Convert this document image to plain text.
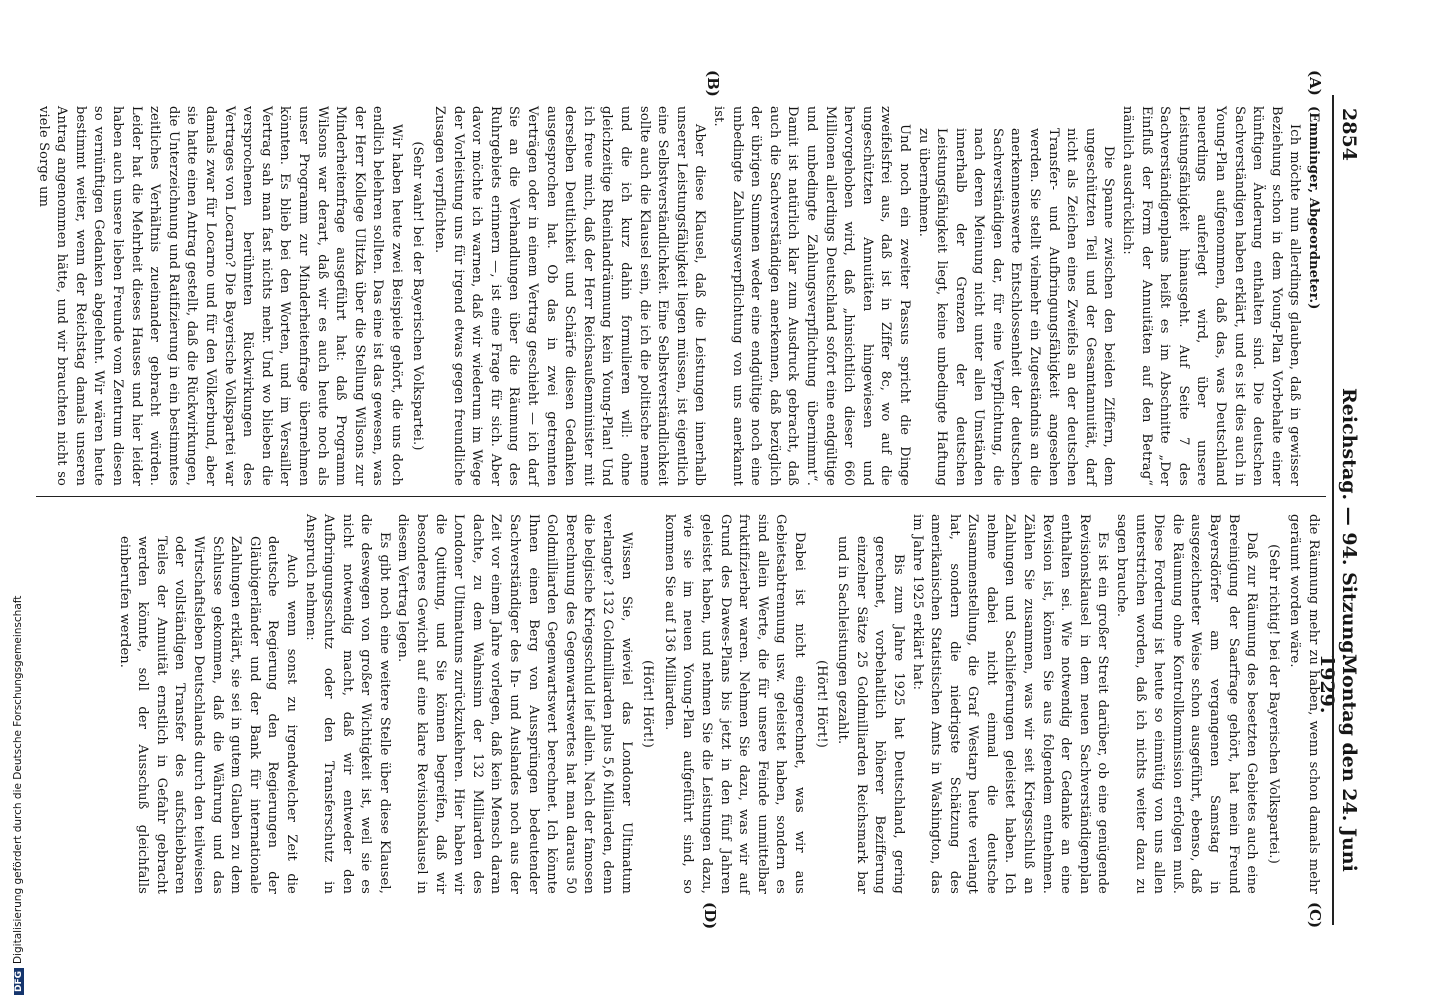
2854
Reichstag. — 94. Sitzung.
Montag den 24. Juni 1929.
(A)
(B)
(C)
(D)

(Emminger, Abgeordneter.)

Ich möchte nun allerdings glauben, daß in gewisser Beziehung schon in dem Young-Plan Vorbehalte einer künftigen Änderung enthalten sind. Die deutschen Sachverständigen haben erklärt, und es ist dies auch in Young-Plan aufgenommen, daß das, was Deutschland neuerdings auferlegt wird, über unsere Leistungsfähigkeit hinausgeht. Auf Seite 7 des Sachverständigenplans heißt es im Abschnitte „Der Einfluß der Form der Annuitäten auf den Betrag“ nämlich ausdrücklich:

Die Spanne zwischen den beiden Ziffern, dem ungeschützten Teil und der Gesamtannuität, darf nicht als Zeichen eines Zweifels an der deutschen Transfer- und Aufbringungsfähigkeit angesehen werden. Sie stellt vielmehr ein Zugeständnis an die anerkennenswerte Entschlossenheit der deutschen Sachverständigen dar, für eine Verpflichtung, die nach deren Meinung nicht unter allen Umständen innerhalb der Grenzen der deutschen Leistungsfähigkeit liegt, keine unbedingte Haftung zu übernehmen.

Und noch ein zweiter Passus spricht die Dinge zweifelsfrei aus, daß ist in Ziffer 8c, wo auf die ungeschützten Annuitäten hingewiesen und hervorgehoben wird, daß „hinsichtlich dieser 660 Millionen allerdings Deutschland sofort eine endgültige und unbedingte Zahlungsverpflichtung übernimmt“. Damit ist natürlich klar zum Ausdruck gebracht, daß auch die Sachverständigen anerkennen, daß bezüglich der übrigen Summen weder eine endgültige noch eine unbedingte Zahlungsverpflichtung von uns anerkannt ist.

Aber diese Klausel, daß die Leistungen innerhalb unserer Leistungsfähigkeit liegen müssen, ist eigentlich eine Selbstverständlichkeit. Eine Selbstverständlichkeit sollte auch die Klausel sein, die ich die politische nenne und die ich kurz dahin formulieren will: ohne gleichzeitige Rheinlandräumung kein Young-Plan! Und ich freue mich, daß der Herr Reichsaußenminister mit derselben Deutlichkeit und Schärfe diesen Gedanken ausgesprochen hat. Ob das in zwei getrennten Verträgen oder in einem Vertrag geschieht — ich darf Sie an die Verhandlungen über die Räumung des Ruhrgebiets erinnern —, ist eine Frage für sich. Aber davor möchte ich warnen, daß wir wiederum im Wege der Vorleistung uns für irgend etwas gegen freundliche Zusagen verpflichten.

(Sehr wahr! bei der Bayerischen Volkspartei.)

Wir haben heute zwei Beispiele gehört, die uns doch endlich belehren sollten. Das eine ist das gewesen, was der Herr Kollege Ulitzka über die Stellung Wilsons zur Minderheitenfrage ausgeführt hat: daß Programm Wilsons war derart, daß wir es auch heute noch als unser Programm zur Minderheitenfrage übernehmen könnten. Es blieb bei den Worten, und im Versailler Vertrag sah man fast nichts mehr. Und wo blieben die versprochenen berühmten Rückwirkungen des Vertrages von Locarno? Die Bayerische Volkspartei war damals zwar für Locarno und für den Völkerbund, aber sie hatte einen Antrag gestellt, daß die Rückwirkungen, die Unterzeichnung und Ratifizierung in ein bestimmtes zeitliches Verhältnis zueinander gebracht würden. Leider hat die Mehrheit dieses Hauses und hier leider haben auch unsere lieben Freunde vom Zentrum diesen so vernünftigen Gedanken abgelehnt. Wir wären heute bestimmt weiter, wenn der Reichstag damals unseren Antrag angenommen hätte, und wir brauchten nicht so viele Sorge um

die Räumung mehr zu haben, wenn schon damals mehr geräumt worden wäre.

(Sehr richtig! bei der Bayerischen Volkspartei.)

Daß zur Räumung des besetzten Gebietes auch eine Bereinigung der Saarfrage gehört, hat mein Freund Bayersdörfer am vergangenen Samstag in ausgezeichneter Weise schon ausgeführt, ebenso, daß die Räumung ohne Kontrollkommission erfolgen muß. Diese Forderung ist heute so einmütig von uns allen unterstrichen worden, daß ich nichts weiter dazu zu sagen brauche.

Es ist ein großer Streit darüber, ob eine genügende Revisionsklausel in dem neuen Sachverständigenplan enthalten sei. Wie notwendig der Gedanke an eine Revision ist, können Sie aus folgendem entnehmen. Zählen Sie zusammen, was wir seit Kriegsschluß an Zahlungen und Sachlieferungen geleistet haben. Ich nehme dabei nicht einmal die deutsche Zusammenstellung, die Graf Westarp heute verlangt hat, sondern die niedrigste Schätzung des amerikanischen Statistischen Amts in Washington, das im Jahre 1925 erklärt hat:

Bis zum Jahre 1925 hat Deutschland, gering gerechnet, vorbehaltlich höherer Bezifferung einzelner Sätze 25 Goldmilliarden Reichsmark bar und in Sachleistungen gezahlt.

(Hört! Hört!)

Dabei ist nicht eingerechnet, was wir aus Gebietsabtrennung usw. geleistet haben, sondern es sind allein Werte, die für unsere Feinde unmittelbar fruktifizierbar waren. Nehmen Sie dazu, was wir auf Grund des Dawes-Plans bis jetzt in den fünf Jahren geleistet haben, und nehmen Sie die Leistungen dazu, wie sie im neuen Young-Plan aufgeführt sind, so kommen Sie auf 136 Milliarden.

(Hört! Hört!)

Wissen Sie, wieviel das Londoner Ultimatum verlangte? 132 Goldmilliarden plus 5,6 Milliarden, denn die belgische Kriegsschuld lief allein. Nach der famosen Berechnung des Gegenwartswertes hat man daraus 50 Goldmilliarden Gegenwartswert berechnet. Ich könnte Ihnen einen Berg von Aussprüngen bedeutender Sachverständiger des In- und Auslandes noch aus der Zeit vor einem Jahre vorlegen, daß kein Mensch daran dachte, zu dem Wahnsinn der 132 Milliarden des Londoner Ultimatums zurückzukehren. Hier haben wir die Quittung, und Sie können begreifen, daß wir besonderes Gewicht auf eine klare Revisionsklausel in diesem Vertrag legen.

Es gibt noch eine weitere Stelle über diese Klausel, die deswegen von großer Wichtigkeit ist, weil sie es nicht notwendig macht, daß wir entweder den Aufbringungsschutz oder den Transferschutz in Anspruch nehmen:

Auch wenn sonst zu irgendwelcher Zeit die deutsche Regierung den Regierungen der Gläubigerländer und der Bank für internationale Zahlungen erklärt, sie sei in gutem Glauben zu dem Schlusse gekommen, daß die Währung und das Wirtschaftsleben Deutschlands durch den teilweisen oder vollständigen Transfer des aufschiebbaren Teiles der Annuität ernstlich in Gefahr gebracht werden könnte, soll der Ausschuß gleichfalls einberufen werden.

DFGDigitalisierung gefördert durch die Deutsche Forschungsgemeinschaft
